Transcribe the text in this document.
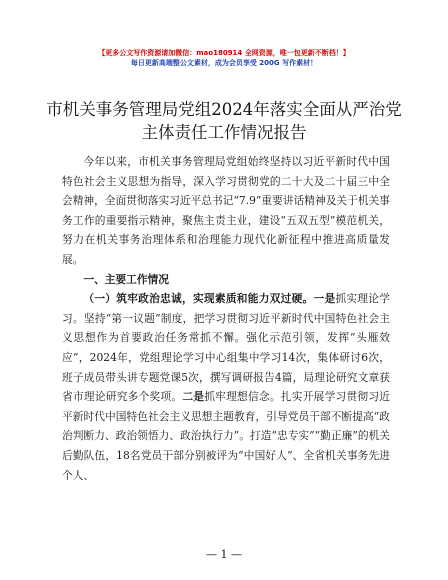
【更多公文写作资源请加微信：mao180914 全网资源，唯一包更新不断档！】
每日更新高端整公文素材，成为会员享受 200G 写作素材！
市机关事务管理局党组2024年落实全面从严治党主体责任工作情况报告

今年以来，市机关事务管理局党组始终坚持以习近平新时代中国特色社会主义思想为指导，深入学习贯彻党的二十大及二十届三中全会精神，全面贯彻落实习近平总书记“7.9”重要讲话精神及关于机关事务工作的重要指示精神，聚焦主责主业，建设“五双五型”模范机关，努力在机关事务治理体系和治理能力现代化新征程中推进高质量发展。

一、主要工作情况

（一）筑牢政治忠诚，实现素质和能力双过硬。一是抓实理论学习。坚持“第一议题”制度，把学习贯彻习近平新时代中国特色社会主义思想作为首要政治任务常抓不懈。强化示范引领，发挥“头雁效应”，2024年，党组理论学习中心组集中学习14次，集体研讨6次，班子成员带头讲专题党课5次，撰写调研报告4篇，局理论研究文章获省市理论研究多个奖项。二是抓牢理想信念。扎实开展学习贯彻习近平新时代中国特色社会主义思想主题教育，引导党员干部不断提高“政治判断力、政治领悟力、政治执行力”。打造“忠专实”“勤正廉”的机关后勤队伍，18名党员干部分别被评为“中国好人”、全省机关事务先进个人、

— 1 —
